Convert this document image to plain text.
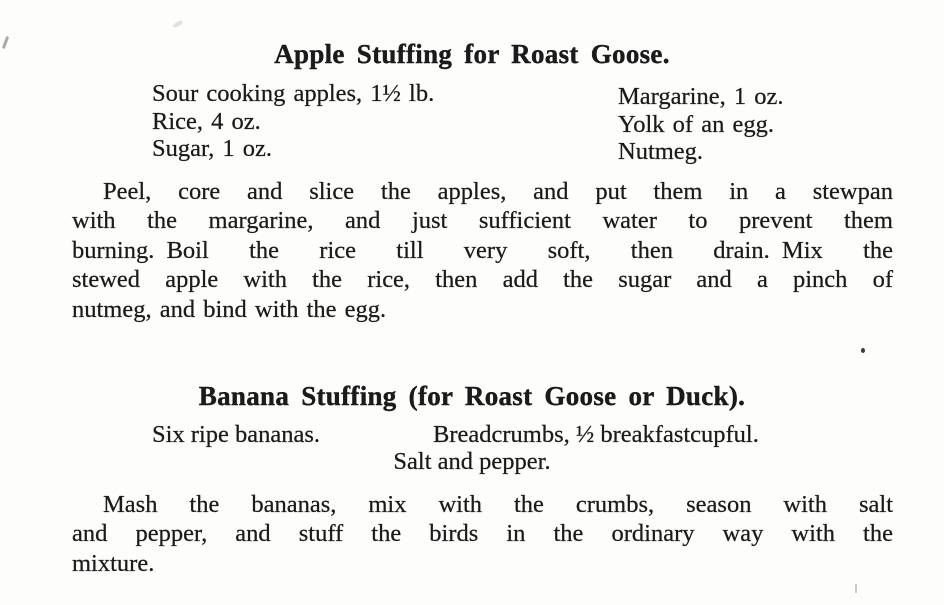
Apple Stuffing for Roast Goose.
Sour cooking apples, 1½ lb.
Rice, 4 oz.
Sugar, 1 oz.
Margarine, 1 oz.
Yolk of an egg.
Nutmeg.
Peel, core and slice the apples, and put them in a stewpan
with the margarine, and just sufficient water to prevent them
burning. Boil the rice till very soft, then drain. Mix the
stewed apple with the rice, then add the sugar and a pinch of
nutmeg, and bind with the egg.
Banana Stuffing (for Roast Goose or Duck).
Six ripe bananas.	Breadcrumbs, ½ breakfastcupful.
Salt and pepper.
Mash the bananas, mix with the crumbs, season with salt
and pepper, and stuff the birds in the ordinary way with the
mixture.
